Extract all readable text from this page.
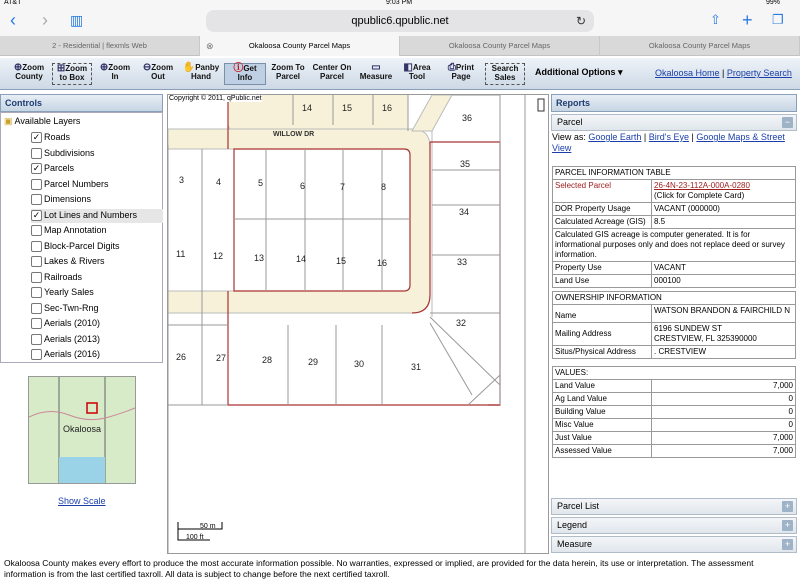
AT&T	9:03 PM	99%
‹ › ▥	qpublic6.qpublic.net	↻	⇧ + ❐
2 - Residential | flexmls Web	⊗	Okaloosa County Parcel Maps	Okaloosa County Parcel Maps	Okaloosa County Parcel Maps
⊕Zoom County
⊞Zoom to Box
⊕Zoom In
⊖Zoom Out
✋Panby Hand
ⓘGet Info
Zoom To Parcel
Center On Parcel
▭
Measure
◧Area Tool
⎙Print Page
Search Sales
Additional Options ▾	Okaloosa Home | Property Search
Controls
✓ Roads
Subdivisions
✓ Parcels
Parcel Numbers
Dimensions
✓ Lot Lines and Numbers
Map Annotation
Block-Parcel Digits
Lakes & Rivers
Railroads
Yearly Sales
Sec-Twn-Rng
Aerials (2010)
Aerials (2013)
Aerials (2016)
▣ Available Layers
Okaloosa
Show Scale
WILLOW DR
14	15	16
36
35
3	4	5	6	7	8
34
11	12	13	14	15	16	33
32
26	27	28	29	30	31
Copyright © 2011, qPublic.net
50 m
100 ft
Reports
Parcel	−
View as: Google Earth | Bird's Eye | Google Maps & Street View
PARCEL INFORMATION TABLE	
Selected Parcel	26-4N-23-112A-000A-0280
(Click for Complete Card)
DOR Property Usage	VACANT (000000)
Calculated Acreage (GIS)	8.5
Calculated GIS acreage is computer generated. It is for informational purposes only and does not replace deed or survey information.	
Property Use	VACANT
Land Use	000100

OWNERSHIP INFORMATION	
Name	WATSON BRANDON & FAIRCHILD N
Mailing Address	6196 SUNDEW ST
CRESTVIEW, FL 325390000
Situs/Physical Address	. CRESTVIEW

VALUES:	
Land Value	7,000
Ag Land Value	0
Building Value	0
Misc Value	0
Just Value	7,000
Assessed Value	7,000
Parcel List	+
Legend	+
Measure	+
Okaloosa County makes every effort to produce the most accurate information possible. No warranties, expressed or implied, are provided for the data herein, its use or interpretation. The assessment information is from the last certified taxroll. All data is subject to change before the next certified taxroll.
